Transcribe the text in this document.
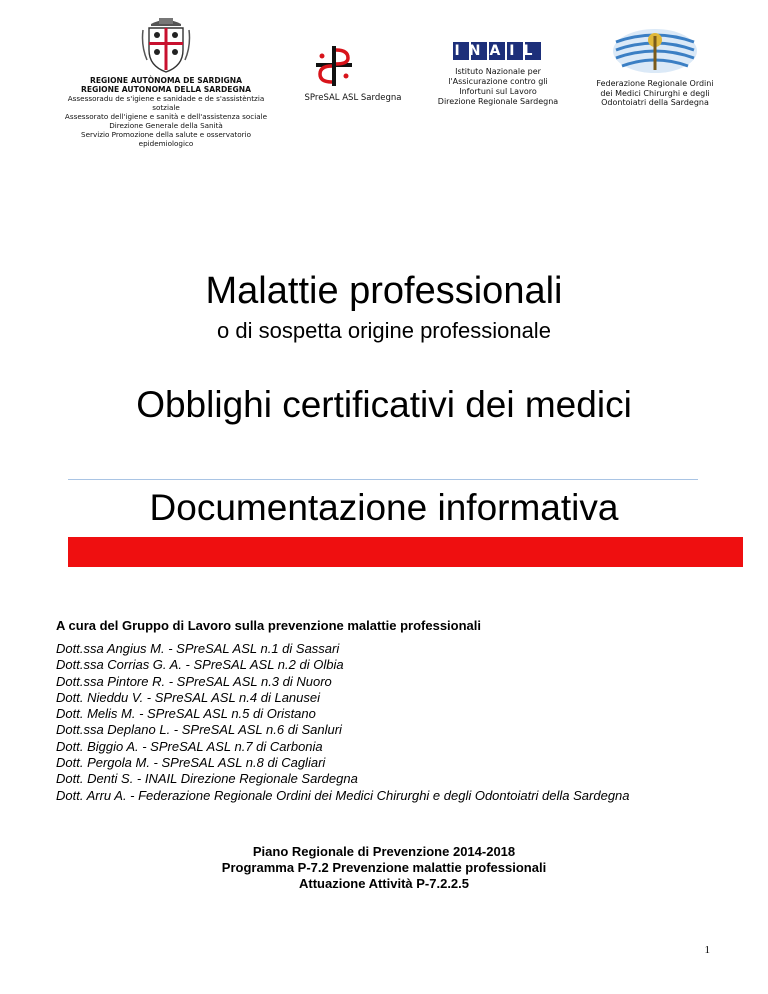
REGIONE AUTÒNOMA DE SARDIGNA
REGIONE AUTONOMA DELLA SARDEGNA
Assessoradu de s'igiene e sanidade e de s'assistèntzia sotziale
Assessorato dell'igiene e sanità e dell'assistenza sociale
Direzione Generale della Sanità
Servizio Promozione della salute e osservatorio epidemiologico
SPreSAL ASL Sardegna
INAIL
Istituto Nazionale per
l'Assicurazione contro gli
Infortuni sul Lavoro
Direzione Regionale Sardegna
Federazione Regionale Ordini
dei Medici Chirurghi e degli
Odontoiatri della Sardegna
Malattie professionali
o di sospetta origine professionale
Obblighi certificativi dei medici
Documentazione informativa
A cura del Gruppo di Lavoro sulla prevenzione malattie professionali
Dott.ssa Angius M. - SPreSAL ASL n.1 di Sassari
Dott.ssa Corrias G. A. - SPreSAL ASL n.2 di Olbia
Dott.ssa Pintore R. - SPreSAL ASL n.3 di Nuoro
Dott. Nieddu V. - SPreSAL ASL n.4 di Lanusei
Dott. Melis M. - SPreSAL ASL n.5 di Oristano
Dott.ssa Deplano L. - SPreSAL ASL n.6 di Sanluri
Dott. Biggio A. - SPreSAL ASL n.7 di Carbonia
Dott. Pergola M. - SPreSAL ASL n.8 di Cagliari
Dott. Denti S. - INAIL Direzione Regionale Sardegna
Dott. Arru A. - Federazione Regionale Ordini dei Medici Chirurghi e degli Odontoiatri della Sardegna
Piano Regionale di Prevenzione 2014-2018
Programma P-7.2 Prevenzione malattie professionali
Attuazione Attività P-7.2.2.5
1
